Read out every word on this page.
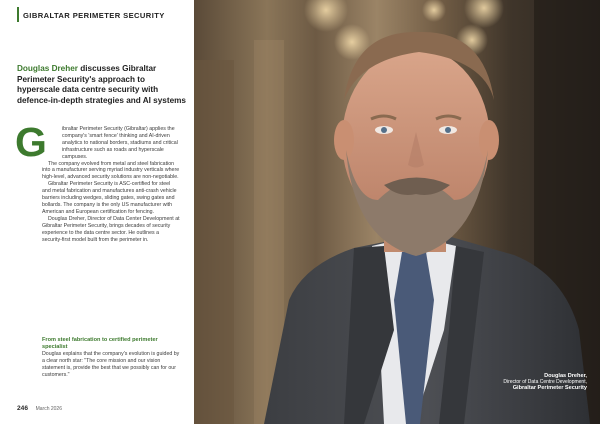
GIBRALTAR PERIMETER SECURITY
Douglas Dreher discusses Gibraltar Perimeter Security's approach to hyperscale data centre security with defence-in-depth strategies and AI systems
G	ibraltar Perimeter Security (Gibraltar) applies the company's 'smart fence' thinking and AI-driven analytics to national borders, stadiums and critical infrastructure such as roads and hyperscale campuses.

The company evolved from metal and steel fabrication into a manufacturer serving myriad industry verticals where high-level, advanced security solutions are non-negotiable.

Gibraltar Perimeter Security is ASC-certified for steel and metal fabrication and manufactures anti-crash vehicle barriers including wedges, sliding gates, swing gates and bollards. The company is the only US manufacturer with American and European certification for fencing.

Douglas Dreher, Director of Data Center Development at Gibraltar Perimeter Security, brings decades of security experience to the data centre sector. He outlines a security-first model built from the perimeter in.

From steel fabrication to certified perimeter specialist
Douglas explains that the company's evolution is guided by a clear north star: "The core mission and our vision statement is, provide the best that we possibly can for our customers."
246 March 2026
Douglas Dreher,
Director of Data Centre Development,
Gibraltar Perimeter Security
